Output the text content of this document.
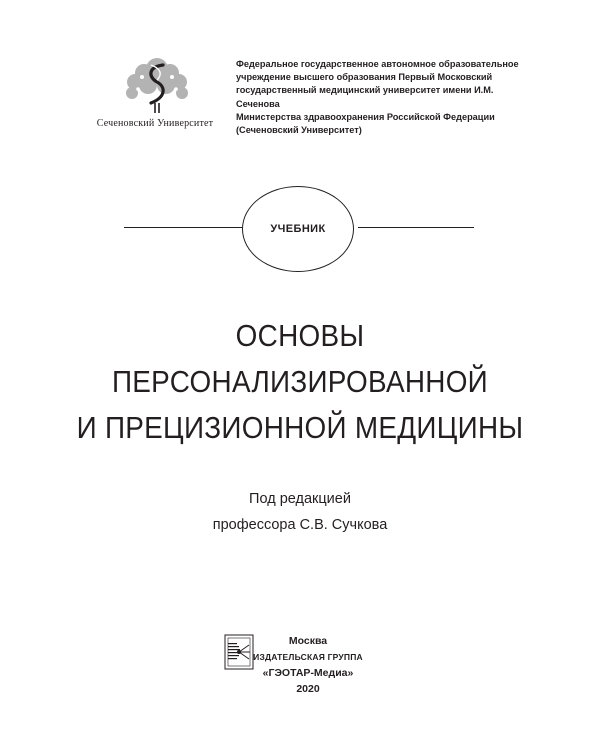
Сеченовский Университет
Федеральное государственное автономное образовательное
учреждение высшего образования Первый Московский
государственный медицинский университет имени И.М. Сеченова
Министерства здравоохранения Российской Федерации
(Сеченовский Университет)
УЧЕБНИК
ОСНОВЫ
ПЕРСОНАЛИЗИРОВАННОЙ
И ПРЕЦИЗИОННОЙ МЕДИЦИНЫ
Под редакцией
профессора С.В. Сучкова
Москва
ИЗДАТЕЛЬСКАЯ ГРУППА
«ГЭОТАР-Медиа»
2020
